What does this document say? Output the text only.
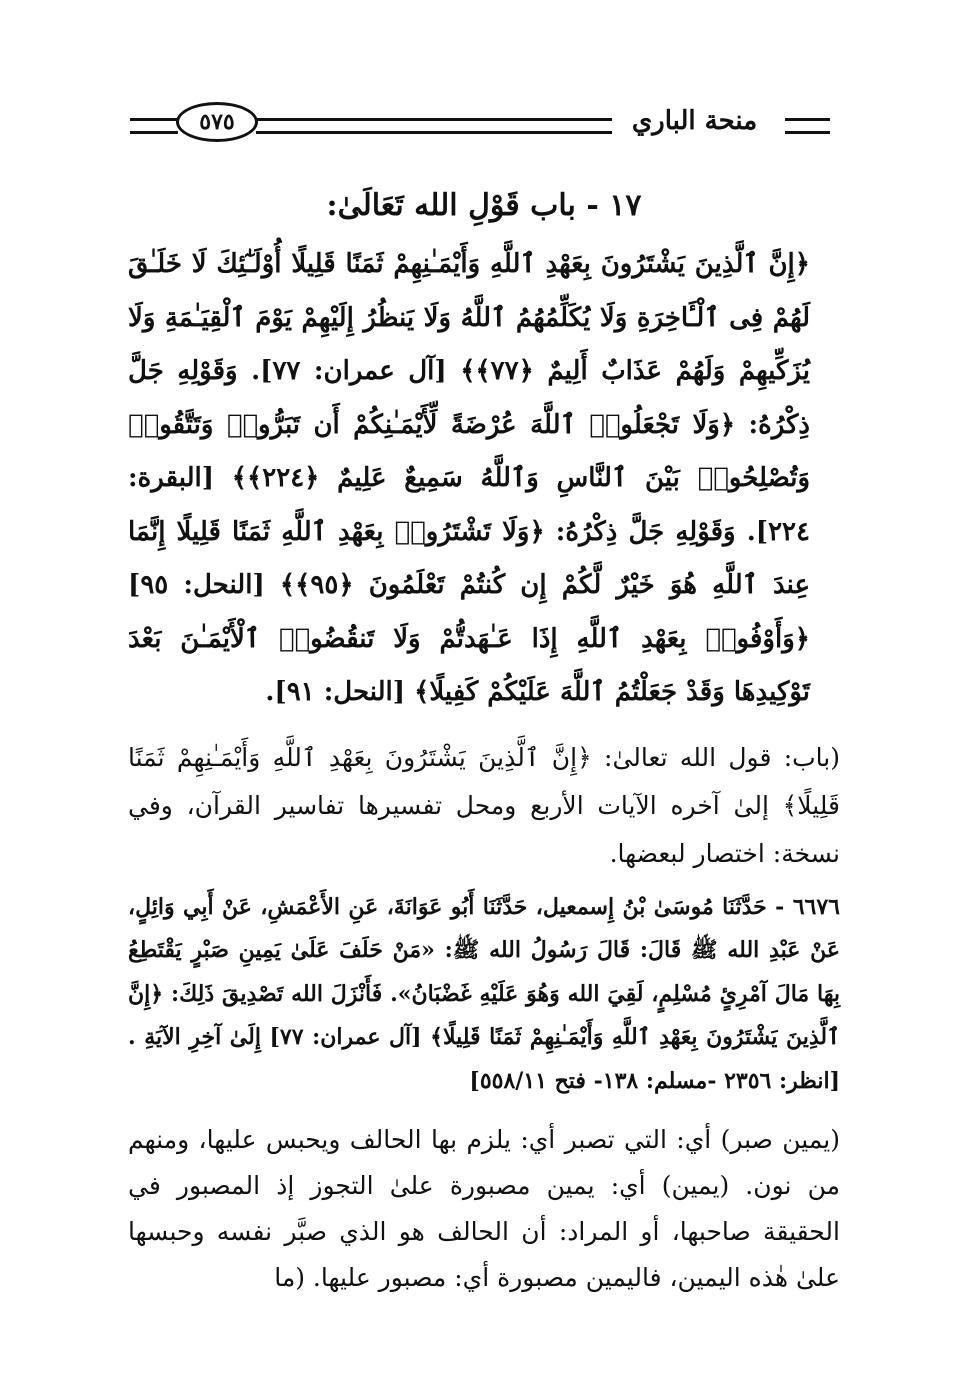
٥٧٥	منحة الباري
١٧ - باب قَوْلِ الله تَعَالَىٰ:

﴿إِنَّ ٱلَّذِينَ يَشْتَرُونَ بِعَهْدِ ٱللَّهِ وَأَيْمَـٰنِهِمْ ثَمَنًا قَلِيلًا أُوْلَـٰٓئِكَ لَا خَلَـٰقَ لَهُمْ فِى ٱلْـَٔاخِرَةِ وَلَا يُكَلِّمُهُمُ ٱللَّهُ وَلَا يَنظُرُ إِلَيْهِمْ يَوْمَ ٱلْقِيَـٰمَةِ وَلَا يُزَكِّيهِمْ وَلَهُمْ عَذَابٌ أَلِيمٌ ﴿٧٧﴾﴾ [آل عمران: ٧٧]. وَقَوْلِهِ جَلَّ ذِكْرُهُ: ﴿وَلَا تَجْعَلُوا۟ ٱللَّهَ عُرْضَةً لِّأَيْمَـٰنِكُمْ أَن تَبَرُّوا۟ وَتَتَّقُوا۟ وَتُصْلِحُوا۟ بَيْنَ ٱلنَّاسِ وَٱللَّهُ سَمِيعٌ عَلِيمٌ ﴿٢٢٤﴾﴾ [البقرة: ٢٢٤]. وَقَوْلِهِ جَلَّ ذِكْرُهُ: ﴿وَلَا تَشْتَرُوا۟ بِعَهْدِ ٱللَّهِ ثَمَنًا قَلِيلًا إِنَّمَا عِندَ ٱللَّهِ هُوَ خَيْرٌ لَّكُمْ إِن كُنتُمْ تَعْلَمُونَ ﴿٩٥﴾﴾ [النحل: ٩٥] ﴿وَأَوْفُوا۟ بِعَهْدِ ٱللَّهِ إِذَا عَـٰهَدتُّمْ وَلَا تَنقُضُوا۟ ٱلْأَيْمَـٰنَ بَعْدَ تَوْكِيدِهَا وَقَدْ جَعَلْتُمُ ٱللَّهَ عَلَيْكُمْ كَفِيلًا﴾ [النحل: ٩١].

(باب: قول الله تعالىٰ: ﴿إِنَّ ٱلَّذِينَ يَشْتَرُونَ بِعَهْدِ ٱللَّهِ وَأَيْمَـٰنِهِمْ ثَمَنًا قَلِيلًا﴾ إلىٰ آخره الآيات الأربع ومحل تفسيرها تفاسير القرآن، وفي نسخة: اختصار لبعضها.

٦٦٧٦ - حَدَّثَنَا مُوسَىٰ بْنُ إِسمعيل، حَدَّثَنَا أَبُو عَوَانَةَ، عَنِ الأَعْمَشِ، عَنْ أَبِي وَائِلٍ، عَنْ عَبْدِ الله ﷺ قَالَ: قَالَ رَسُولُ الله ﷺ: «مَنْ حَلَفَ عَلَىٰ يَمِينِ صَبْرٍ يَقْتَطِعُ بِهَا مَالَ آمْرِئٍ مُسْلِمٍ، لَقِيَ الله وَهُوَ عَلَيْهِ غَضْبَانُ». فَأَنْزَلَ الله تَصْدِيقَ ذَلِكَ: ﴿إِنَّ ٱلَّذِينَ يَشْتَرُونَ بِعَهْدِ ٱللَّهِ وَأَيْمَـٰنِهِمْ ثَمَنًا قَلِيلًا﴾ [آل عمران: ٧٧] إِلَىٰ آخِرِ الآيَةِ .[انظر: ٢٣٥٦ -مسلم: ١٣٨- فتح ٥٥٨/١١]

(يمين صبر) أي: التي تصبر أي: يلزم بها الحالف ويحبس عليها، ومنهم من نون. (يمين) أي: يمين مصبورة علىٰ التجوز إذ المصبور في الحقيقة صاحبها، أو المراد: أن الحالف هو الذي صبَّر نفسه وحبسها علىٰ هٰذه اليمين، فاليمين مصبورة أي: مصبور عليها. (ما
